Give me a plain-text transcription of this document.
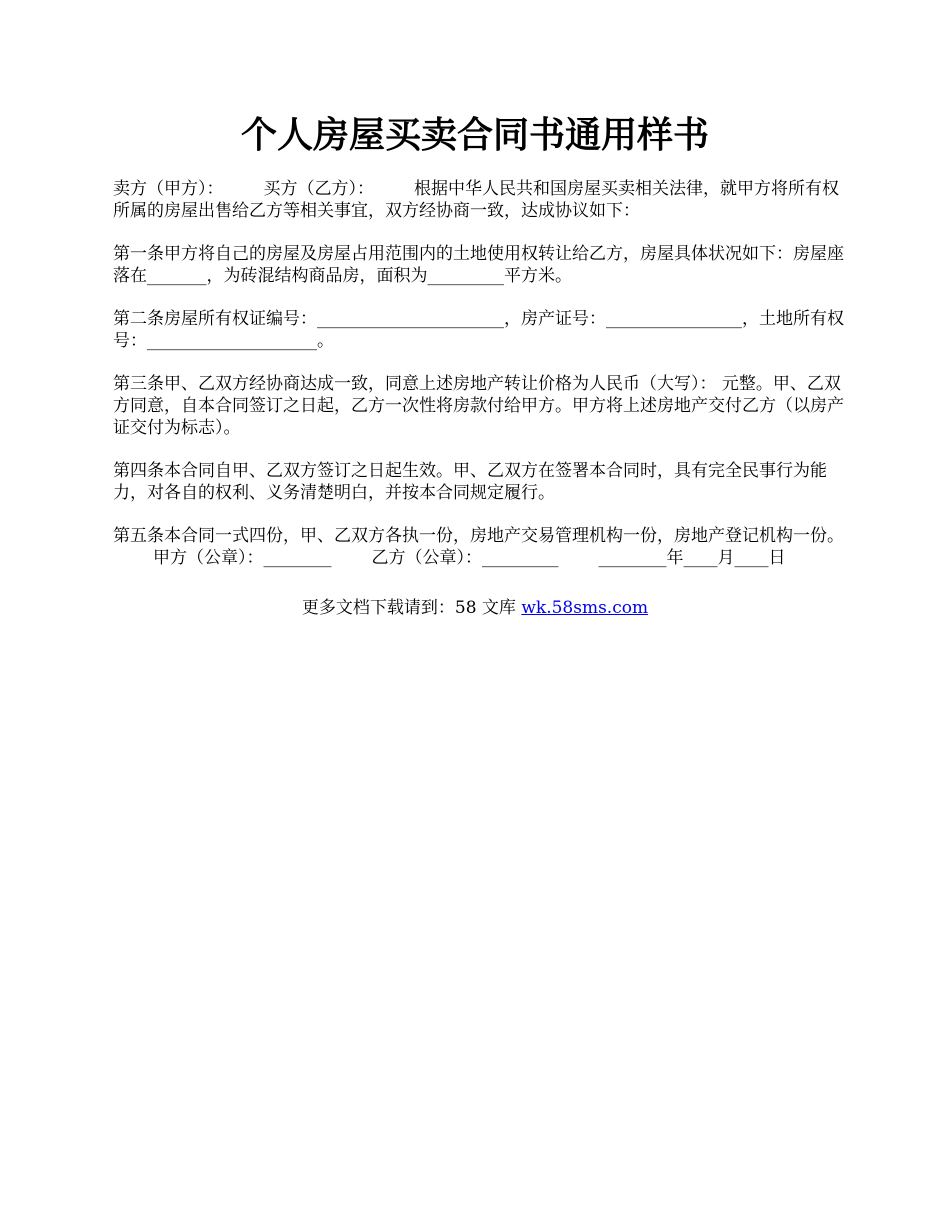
个人房屋买卖合同书通用样书

卖方（甲方）： 买方（乙方）： 根据中华人民共和国房屋买卖相关法律，就甲方将所有权所属的房屋出售给乙方等相关事宜，双方经协商一致，达成协议如下：

第一条甲方将自己的房屋及房屋占用范围内的土地使用权转让给乙方，房屋具体状况如下：房屋座落在_______，为砖混结构商品房，面积为_________平方米。

第二条房屋所有权证编号：______________________，房产证号：________________，土地所有权号：____________________。

第三条甲、乙双方经协商达成一致，同意上述房地产转让价格为人民币（大写）： 元整。甲、乙双方同意，自本合同签订之日起，乙方一次性将房款付给甲方。甲方将上述房地产交付乙方（以房产证交付为标志）。

第四条本合同自甲、乙双方签订之日起生效。甲、乙双方在签署本合同时，具有完全民事行为能力，对各自的权利、义务清楚明白，并按本合同规定履行。

第五条本合同一式四份，甲、乙双方各执一份，房地产交易管理机构一份，房地产登记机构一份。甲方（公章）：________ 乙方（公章）：_________ ________年____月____日

更多文档下载请到：58 文库 wk.58sms.com
